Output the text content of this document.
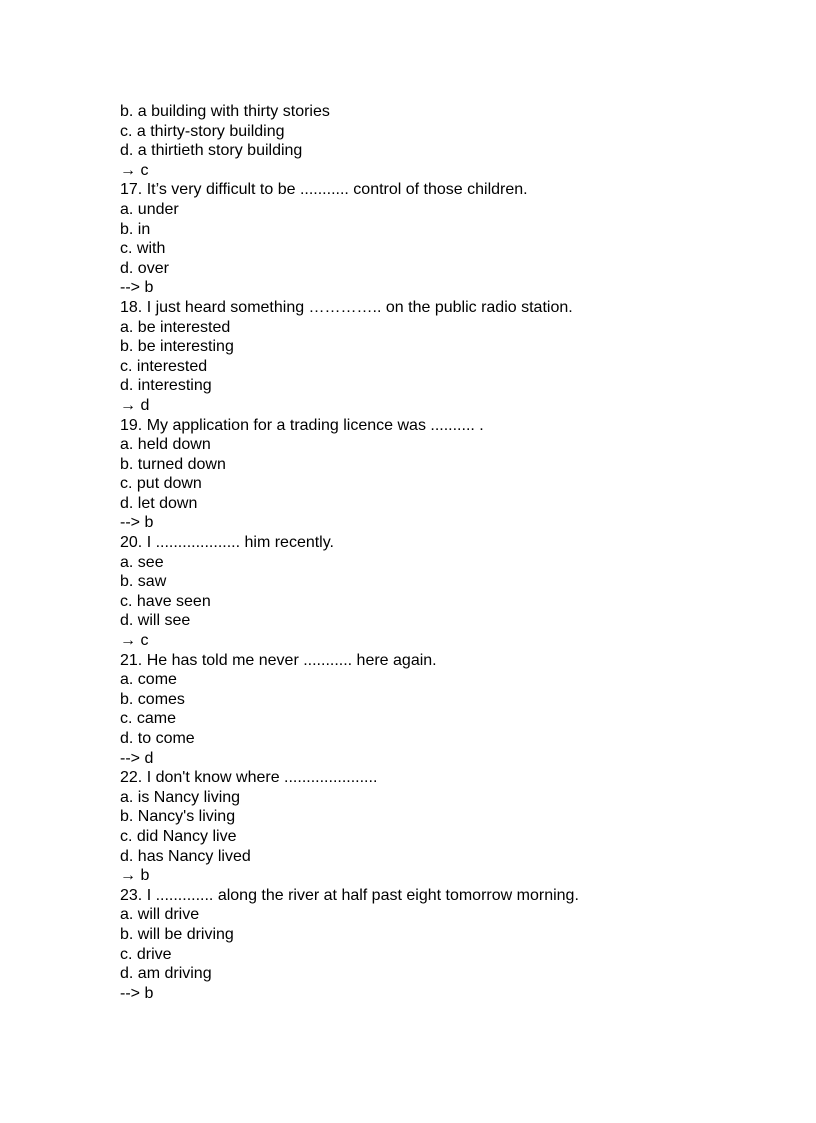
b. a building with thirty stories
c. a thirty-story building
d. a thirtieth story building
→ c
17. It’s very difficult to be ........... control of those children.
a. under
b. in
c. with
d. over
--> b
18. I just heard something ………….. on the public radio station.
a. be interested
b. be interesting
c. interested
d. interesting
→ d
19. My application for a trading licence was .......... .
a. held down
b. turned down
c. put down
d. let down
--> b
20. I ................... him recently.
a. see
b. saw
c. have seen
d. will see
→ c
21. He has told me never ........... here again.
a. come
b. comes
c. came
d. to come
--> d
22. I don't know where .....................
a. is Nancy living
b. Nancy's living
c. did Nancy live
d. has Nancy lived
→ b
23. I ............. along the river at half past eight tomorrow morning.
a. will drive
b. will be driving
c. drive
d. am driving
--> b
